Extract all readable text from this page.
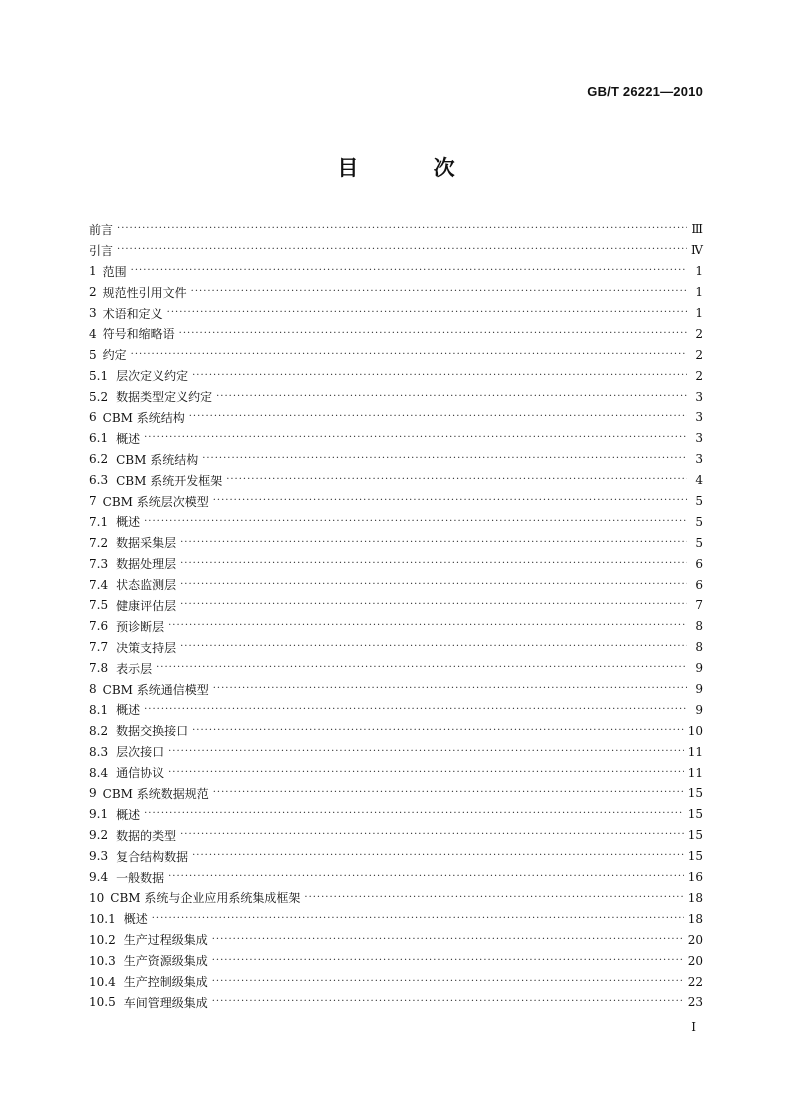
GB/T 26221—2010
目 次
前言 ·····	Ⅲ
引言 ·····	Ⅳ
1 范围 ·····	1
2 规范性引用文件 ·····	1
3 术语和定义 ·····	1
4 符号和缩略语 ·····	2
5 约定 ·····	2
5.1 层次定义约定 ·····	2
5.2 数据类型定义约定 ·····	3
6 CBM 系统结构 ·····	3
6.1 概述 ·····	3
6.2 CBM 系统结构 ·····	3
6.3 CBM 系统开发框架 ·····	4
7 CBM 系统层次模型 ·····	5
7.1 概述 ·····	5
7.2 数据采集层 ·····	5
7.3 数据处理层 ·····	6
7.4 状态监测层 ·····	6
7.5 健康评估层 ·····	7
7.6 预诊断层 ·····	8
7.7 决策支持层 ·····	8
7.8 表示层 ·····	9
8 CBM 系统通信模型 ·····	9
8.1 概述 ·····	9
8.2 数据交换接口 ·····	10
8.3 层次接口 ·····	11
8.4 通信协议 ·····	11
9 CBM 系统数据规范 ·····	15
9.1 概述 ·····	15
9.2 数据的类型 ·····	15
9.3 复合结构数据 ·····	15
9.4 一般数据 ·····	16
10 CBM 系统与企业应用系统集成框架 ·····	18
10.1 概述 ·····	18
10.2 生产过程级集成 ·····	20
10.3 生产资源级集成 ·····	20
10.4 生产控制级集成 ·····	22
10.5 车间管理级集成 ·····	23
I
